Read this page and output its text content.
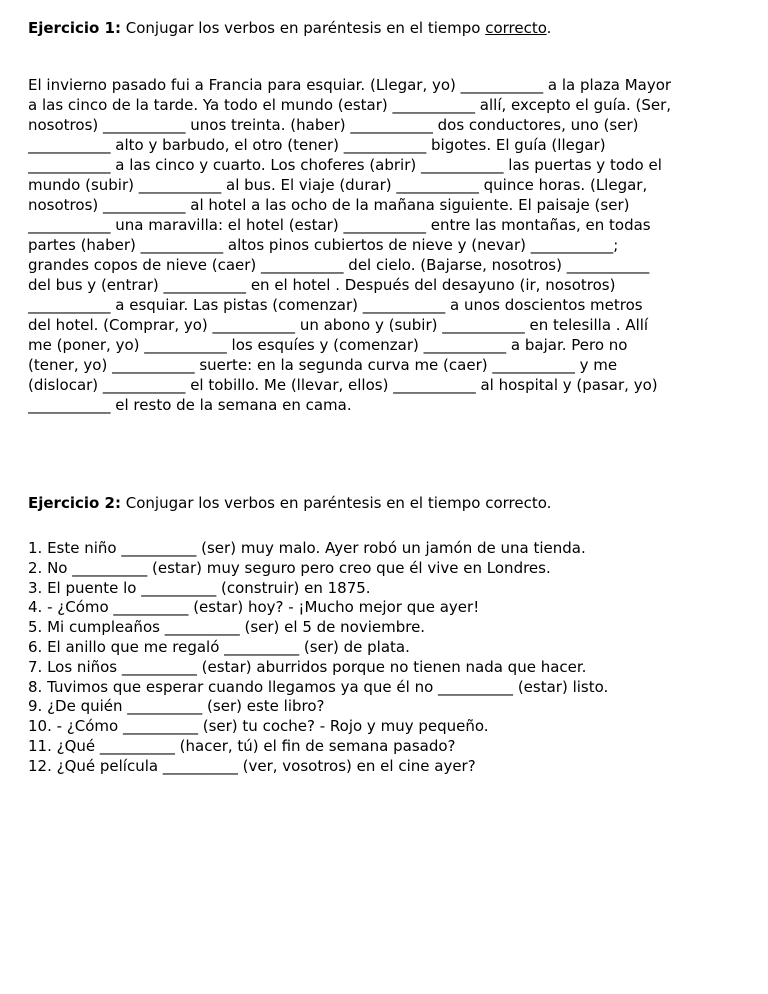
Ejercicio 1: Conjugar los verbos en paréntesis en el tiempo correcto.
El invierno pasado fui a Francia para esquiar. (Llegar, yo) ___________ a la plaza Mayor
a las cinco de la tarde. Ya todo el mundo (estar) ___________ allí, excepto el guía. (Ser,
nosotros) ___________ unos treinta. (haber) ___________ dos conductores, uno (ser)
___________ alto y barbudo, el otro (tener) ___________ bigotes. El guía (llegar)
___________ a las cinco y cuarto. Los choferes (abrir) ___________ las puertas y todo el
mundo (subir) ___________ al bus. El viaje (durar) ___________ quince horas. (Llegar,
nosotros) ___________ al hotel a las ocho de la mañana siguiente. El paisaje (ser)
___________ una maravilla: el hotel (estar) ___________ entre las montañas, en todas
partes (haber) ___________ altos pinos cubiertos de nieve y (nevar) ___________;
grandes copos de nieve (caer) ___________ del cielo. (Bajarse, nosotros) ___________
del bus y (entrar) ___________ en el hotel . Después del desayuno (ir, nosotros)
___________ a esquiar. Las pistas (comenzar) ___________ a unos doscientos metros
del hotel. (Comprar, yo) ___________ un abono y (subir) ___________ en telesilla . Allí
me (poner, yo) ___________ los esquíes y (comenzar) ___________ a bajar. Pero no
(tener, yo) ___________ suerte: en la segunda curva me (caer) ___________ y me
(dislocar) ___________ el tobillo. Me (llevar, ellos) ___________ al hospital y (pasar, yo)
___________ el resto de la semana en cama.
Ejercicio 2: Conjugar los verbos en paréntesis en el tiempo correcto.
1. Este niño __________ (ser) muy malo. Ayer robó un jamón de una tienda.
2. No __________ (estar) muy seguro pero creo que él vive en Londres.
3. El puente lo __________ (construir) en 1875.
4. - ¿Cómo __________ (estar) hoy? - ¡Mucho mejor que ayer!
5. Mi cumpleaños __________ (ser) el 5 de noviembre.
6. El anillo que me regaló __________ (ser) de plata.
7. Los niños __________ (estar) aburridos porque no tienen nada que hacer.
8. Tuvimos que esperar cuando llegamos ya que él no __________ (estar) listo.
9. ¿De quién __________ (ser) este libro?
10. - ¿Cómo __________ (ser) tu coche? - Rojo y muy pequeño.
11. ¿Qué __________ (hacer, tú) el fin de semana pasado?
12. ¿Qué película __________ (ver, vosotros) en el cine ayer?
